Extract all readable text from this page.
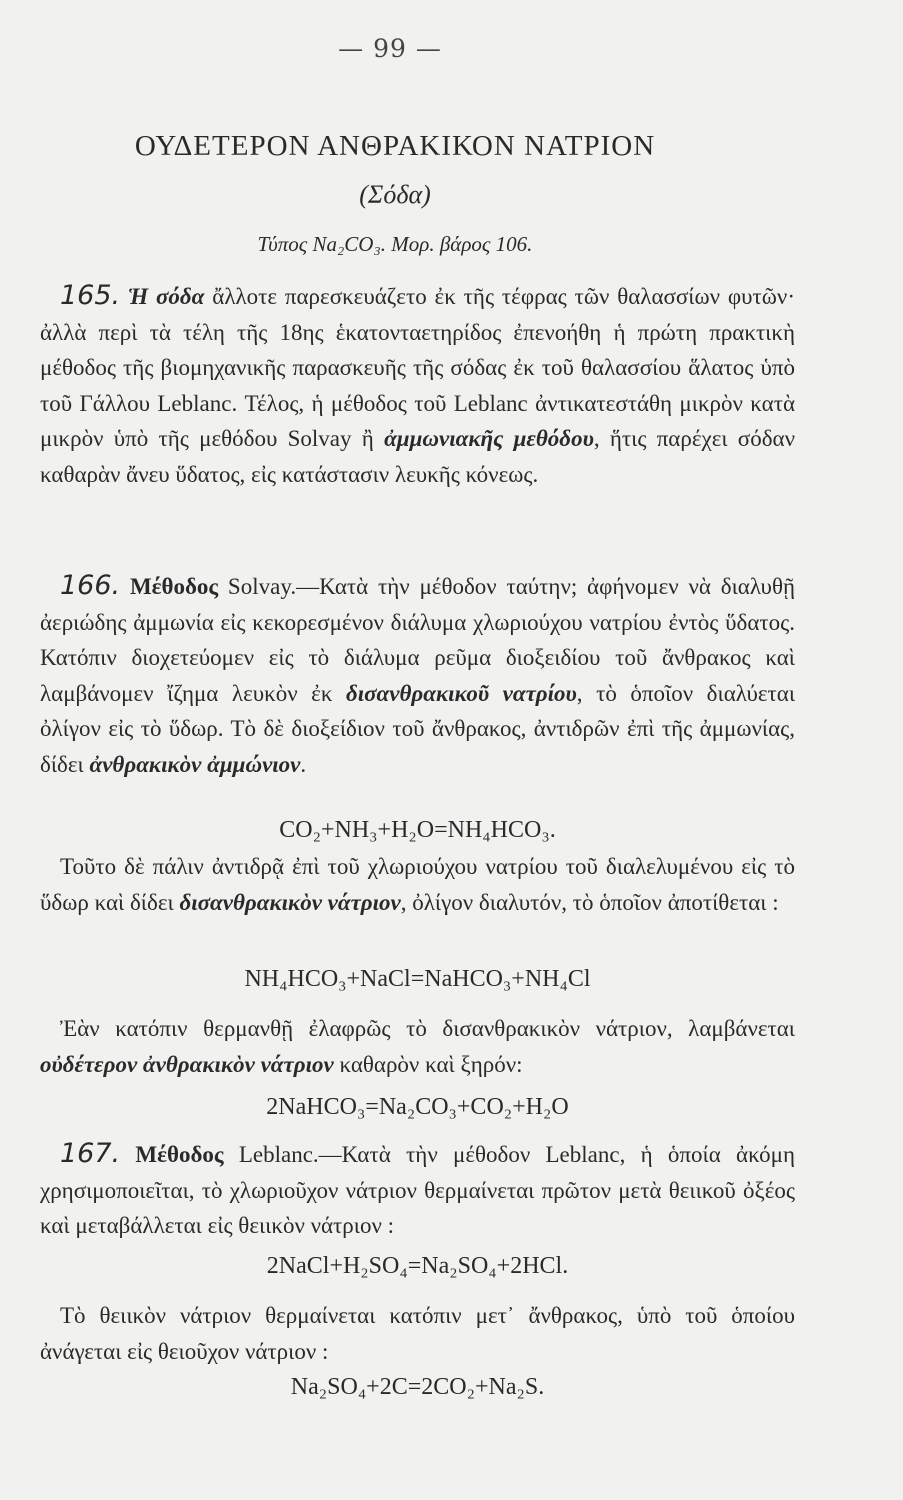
— 99 —
ΟΥΔΕΤΕΡΟΝ ΑΝΘΡΑΚΙΚΟΝ ΝΑΤΡΙΟΝ
(Σόδα)
Τύπος Na₂CO₃. Μορ. βάρος 106.
165. Ἡ σόδα ἄλλοτε παρεσκευάζετο ἐκ τῆς τέφρας τῶν θαλασσίων φυτῶν· ἀλλὰ περὶ τὰ τέλη τῆς 18ης ἑκατονταετηρίδος ἐπενοήθη ἡ πρώτη πρακτικὴ μέθοδος τῆς βιομηχανικῆς παρασκευῆς τῆς σόδας ἐκ τοῦ θαλασσίου ἅλατος ὑπὸ τοῦ Γάλλου Leblanc. Τέλος, ἡ μέθοδος τοῦ Leblanc ἀντικατεστάθη μικρὸν κατὰ μικρὸν ὑπὸ τῆς μεθόδου Solvay ἢ ἀμμωνιακῆς μεθόδου, ἥτις παρέχει σόδαν καθαρὰν ἄνευ ὕδατος, εἰς κατάστασιν λευκῆς κόνεως.
166. Μέθοδος Solvay.—Κατὰ τὴν μέθοδον ταύτην; ἀφήνομεν νὰ διαλυθῇ ἀεριώδης ἀμμωνία εἰς κεκορεσμένον διάλυμα χλωριούχου νατρίου ἐντὸς ὕδατος. Κατόπιν διοχετεύομεν εἰς τὸ διάλυμα ρεῦμα διοξειδίου τοῦ ἄνθρακος καὶ λαμβάνομεν ἴζημα λευκὸν ἐκ δισανθρακικοῦ νατρίου, τὸ ὁποῖον διαλύεται ὀλίγον εἰς τὸ ὕδωρ. Τὸ δὲ διοξείδιον τοῦ ἄνθρακος, ἀντιδρῶν ἐπὶ τῆς ἀμμωνίας, δίδει ἀνθρακικὸν ἀμμώνιον.
CO₂+NH₃+H₂O=NH₄HCO₃.
Τοῦτο δὲ πάλιν ἀντιδρᾷ ἐπὶ τοῦ χλωριούχου νατρίου τοῦ διαλελυμένου εἰς τὸ ὕδωρ καὶ δίδει δισανθρακικὸν νάτριον, ὀλίγον διαλυτόν, τὸ ὁποῖον ἀποτίθεται :
NH₄HCO₃+NaCl=NaHCO₃+NH₄Cl
Ἐὰν κατόπιν θερμανθῇ ἐλαφρῶς τὸ δισανθρακικὸν νάτριον, λαμβάνεται οὐδέτερον ἀνθρακικὸν νάτριον καθαρὸν καὶ ξηρόν:
2NaHCO₃=Na₂CO₃+CO₂+H₂O
167. Μέθοδος Leblanc.—Κατὰ τὴν μέθοδον Leblanc, ἡ ὁποία ἀκόμη χρησιμοποιεῖται, τὸ χλωριοῦχον νάτριον θερμαίνεται πρῶτον μετὰ θειικοῦ ὀξέος καὶ μεταβάλλεται εἰς θειικὸν νάτριον :
2NaCl+H₂SO₄=Na₂SO₄+2HCl.
Τὸ θειικὸν νάτριον θερμαίνεται κατόπιν μετ᾽ ἄνθρακος, ὑπὸ τοῦ ὁποίου ἀνάγεται εἰς θειοῦχον νάτριον :
Na₂SO₄+2C=2CO₂+Na₂S.
